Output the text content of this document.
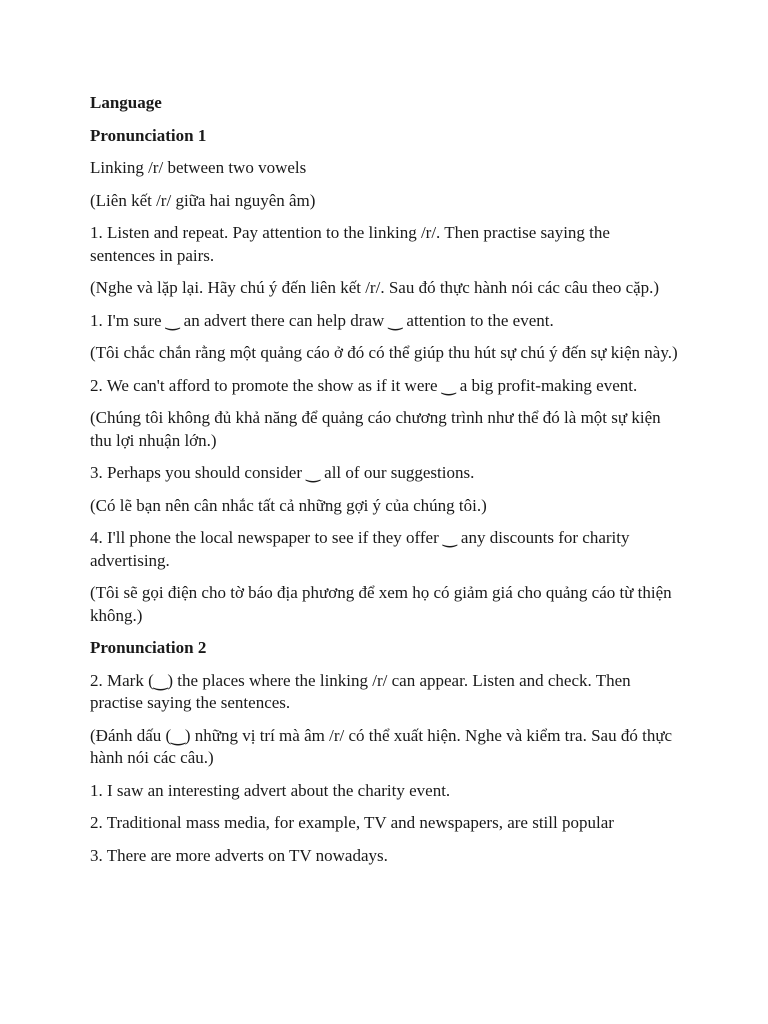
Language

Pronunciation 1

Linking /r/ between two vowels

(Liên kết /r/ giữa hai nguyên âm)

1. Listen and repeat. Pay attention to the linking /r/. Then practise saying the sentences in pairs.

(Nghe và lặp lại. Hãy chú ý đến liên kết /r/. Sau đó thực hành nói các câu theo cặp.)

1. I'm sure ‿ an advert there can help draw ‿ attention to the event.

(Tôi chắc chắn rằng một quảng cáo ở đó có thể giúp thu hút sự chú ý đến sự kiện này.)

2. We can't afford to promote the show as if it were ‿ a big profit-making event.

(Chúng tôi không đủ khả năng để quảng cáo chương trình như thể đó là một sự kiện thu lợi nhuận lớn.)

3. Perhaps you should consider ‿ all of our suggestions.

(Có lẽ bạn nên cân nhắc tất cả những gợi ý của chúng tôi.)

4. I'll phone the local newspaper to see if they offer ‿ any discounts for charity advertising.

(Tôi sẽ gọi điện cho tờ báo địa phương để xem họ có giảm giá cho quảng cáo từ thiện không.)

Pronunciation 2

2. Mark (‿) the places where the linking /r/ can appear. Listen and check. Then practise saying the sentences.

(Đánh dấu (‿) những vị trí mà âm /r/ có thể xuất hiện. Nghe và kiểm tra. Sau đó thực hành nói các câu.)

1. I saw an interesting advert about the charity event.

2. Traditional mass media, for example, TV and newspapers, are still popular

3. There are more adverts on TV nowadays.
